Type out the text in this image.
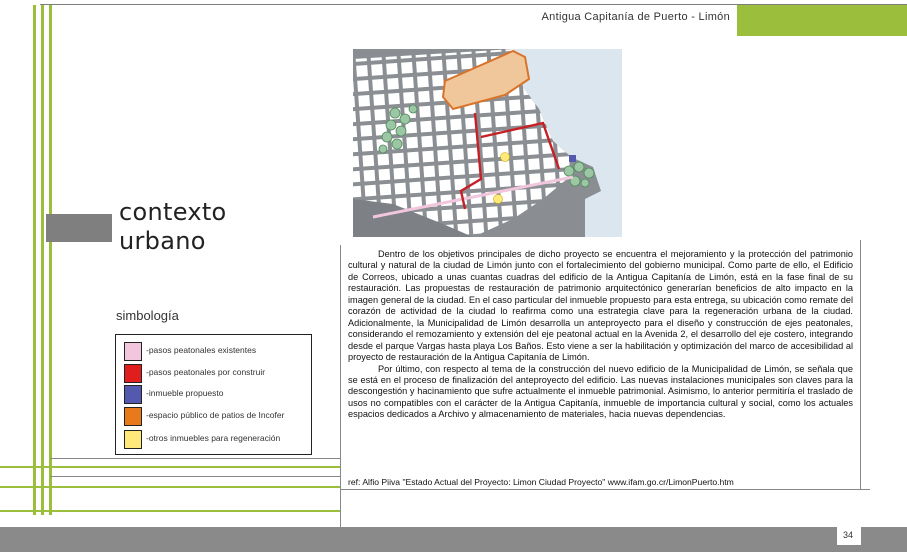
Antigua Capitanía de Puerto - Limón
contexto
urbano
simbología
-pasos peatonales existentes
-pasos peatonales por construir
-inmueble propuesto
-espacio público de patios de Incofer
-otros inmuebles para regeneración

Dentro de los objetivos principales de dicho proyecto se encuentra el mejoramiento y la protección del patrimonio cultural y natural de la ciudad de Limón junto con el fortalecimiento del gobierno municipal. Como parte de ello, el Edificio de Correos, ubicado a unas cuantas cuadras del edificio de la Antigua Capitanía de Limón, está en la fase final de su restauración. Las propuestas de restauración de patrimonio arquitectónico generarían beneficios de alto impacto en la imagen general de la ciudad. En el caso particular del inmueble propuesto para esta entrega, su ubicación como remate del corazón de actividad de la ciudad lo reafirma como una estrategia clave para la regeneración urbana de la ciudad. Adicionalmente, la Municipalidad de Limón desarrolla un anteproyecto para el diseño y construcción de ejes peatonales, considerando el remozamiento y extensión del eje peatonal actual en la Avenida 2, el desarrollo del eje costero, integrando desde el parque Vargas hasta playa Los Baños. Esto viene a ser la habilitación y optimización del marco de accesibilidad al proyecto de restauración de la Antigua Capitanía de Limón.

Por último, con respecto al tema de la construcción del nuevo edificio de la Municipalidad de Limón, se señala que se está en el proceso de finalización del anteproyecto del edificio. Las nuevas instalaciones municipales son claves para la descongestión y hacinamiento que sufre actualmente el inmueble patrimonial. Asimismo, lo anterior permitiría el traslado de usos no compatibles con el carácter de la Antigua Capitanía, inmueble de importancia cultural y social, como los actuales espacios dedicados a Archivo y almacenamiento de materiales, hacia nuevas dependencias.

ref: Alfio Piiva "Estado Actual del Proyecto: Limon Ciudad Proyecto" www.ifam.go.cr/LimonPuerto.htm
34
